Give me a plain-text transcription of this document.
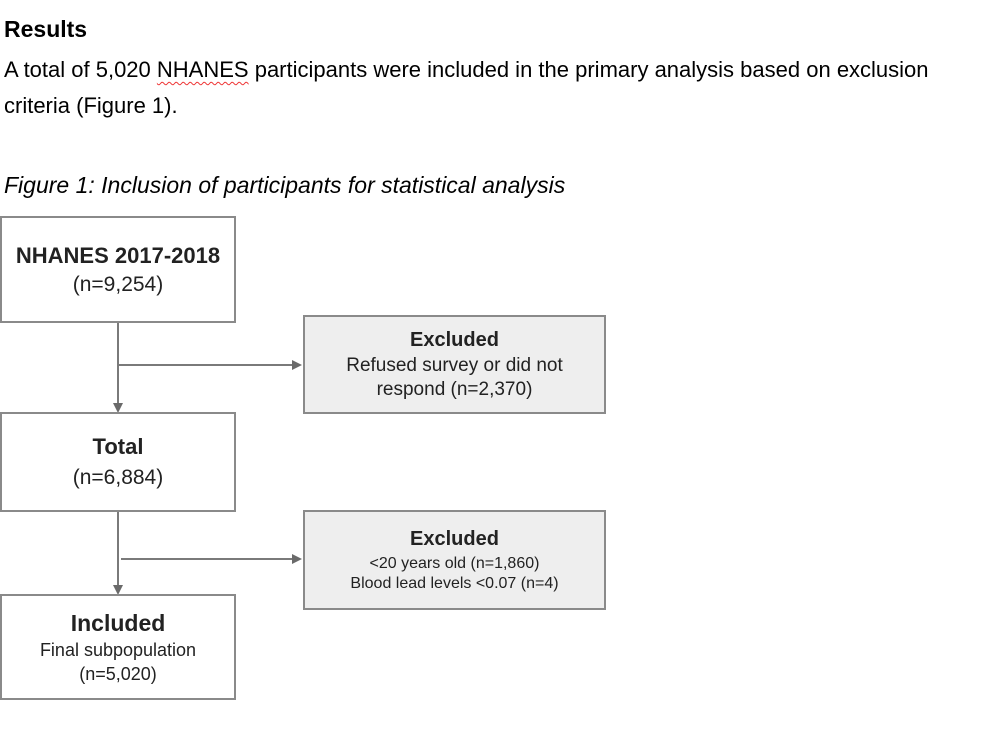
Results
A total of 5,020 NHANES participants were included in the primary analysis based on exclusion criteria (Figure 1).
Figure 1: Inclusion of participants for statistical analysis
NHANES 2017-2018
(n=9,254)
Excluded
Refused survey or did not
respond (n=2,370)
Total
(n=6,884)
Excluded
<20 years old (n=1,860)
Blood lead levels <0.07 (n=4)
Included
Final subpopulation
(n=5,020)
